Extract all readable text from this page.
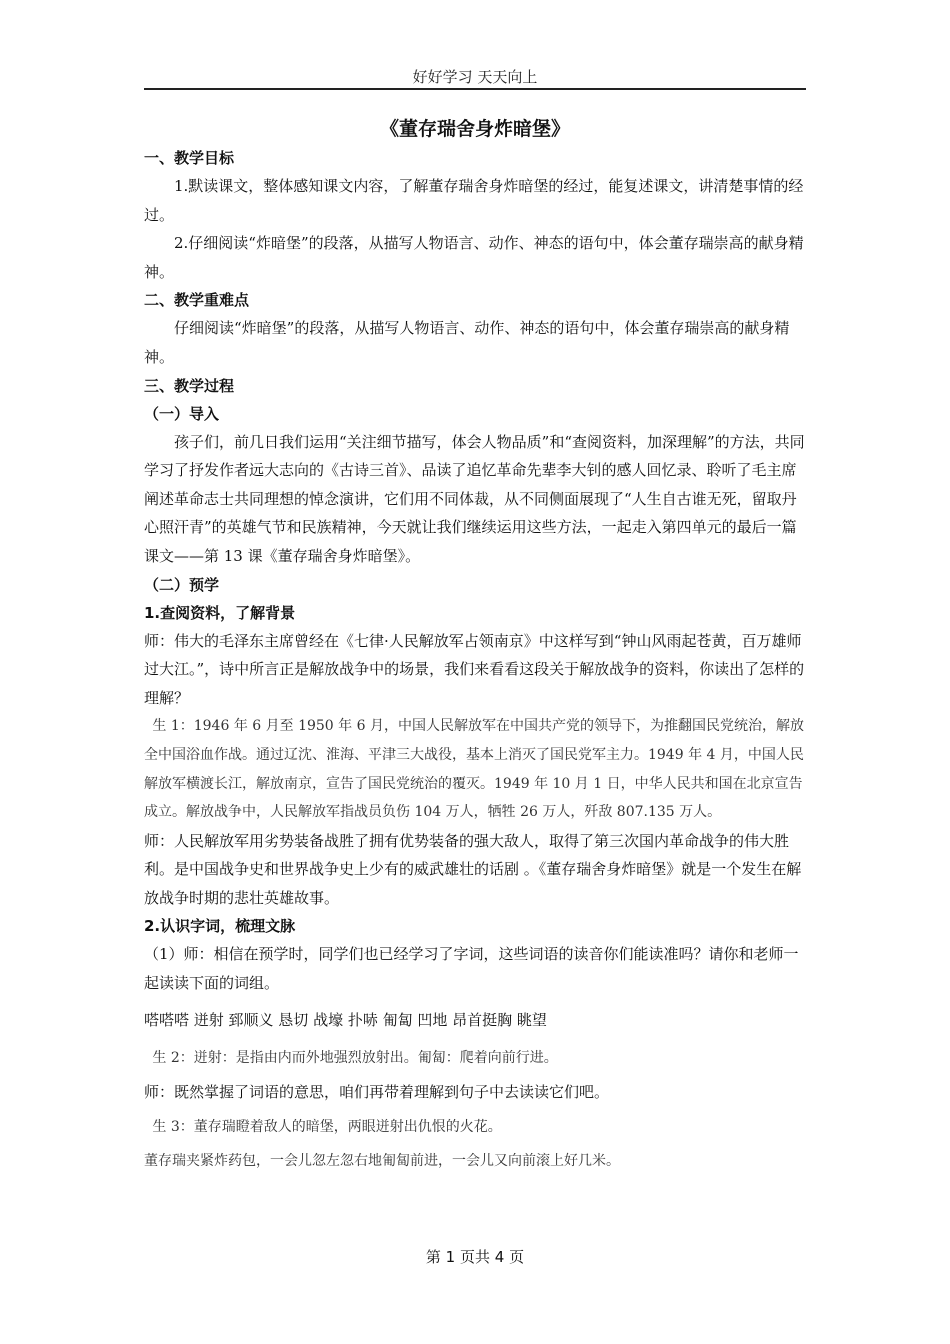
好好学习 天天向上
《董存瑞舍身炸暗堡》
一、教学目标
1.默读课文，整体感知课文内容，了解董存瑞舍身炸暗堡的经过，能复述课文，讲清楚事情的经过。
2.仔细阅读“炸暗堡”的段落，从描写人物语言、动作、神态的语句中，体会董存瑞崇高的献身精神。
二、教学重难点
仔细阅读“炸暗堡”的段落，从描写人物语言、动作、神态的语句中，体会董存瑞崇高的献身精神。
三、教学过程
（一）导入
孩子们，前几日我们运用“关注细节描写，体会人物品质”和“查阅资料，加深理解”的方法，共同学习了抒发作者远大志向的《古诗三首》、品读了追忆革命先辈李大钊的感人回忆录、聆听了毛主席阐述革命志士共同理想的悼念演讲，它们用不同体裁，从不同侧面展现了“人生自古谁无死，留取丹心照汗青”的英雄气节和民族精神，今天就让我们继续运用这些方法，一起走入第四单元的最后一篇课文——第 13 课《董存瑞舍身炸暗堡》。
（二）预学
1.查阅资料，了解背景
师：伟大的毛泽东主席曾经在《七律·人民解放军占领南京》中这样写到“钟山风雨起苍黄，百万雄师过大江。”，诗中所言正是解放战争中的场景，我们来看看这段关于解放战争的资料，你读出了怎样的理解？
生 1：1946 年 6 月至 1950 年 6 月，中国人民解放军在中国共产党的领导下，为推翻国民党统治，解放全中国浴血作战。通过辽沈、淮海、平津三大战役，基本上消灭了国民党军主力。1949 年 4 月，中国人民解放军横渡长江，解放南京，宣告了国民党统治的覆灭。1949 年 10 月 1 日，中华人民共和国在北京宣告成立。解放战争中，人民解放军指战员负伤 104 万人，牺牲 26 万人，歼敌 807.135 万人。
师：人民解放军用劣势装备战胜了拥有优势装备的强大敌人，取得了第三次国内革命战争的伟大胜利。是中国战争史和世界战争史上少有的威武雄壮的话剧 。《董存瑞舍身炸暗堡》就是一个发生在解放战争时期的悲壮英雄故事。
2.认识字词，梳理文脉
（1）师：相信在预学时，同学们也已经学习了字词，这些词语的读音你们能读准吗？请你和老师一起读读下面的词组。
嗒嗒嗒 迸射 郅顺义 恳切 战壕 扑哧 匍匐 凹地 昂首挺胸 眺望
生 2：迸射：是指由内而外地强烈放射出。匍匐：爬着向前行进。
师：既然掌握了词语的意思，咱们再带着理解到句子中去读读它们吧。
生 3：董存瑞瞪着敌人的暗堡，两眼迸射出仇恨的火花。
董存瑞夹紧炸药包，一会儿忽左忽右地匍匐前进，一会儿又向前滚上好几米。
第 1 页共 4 页
